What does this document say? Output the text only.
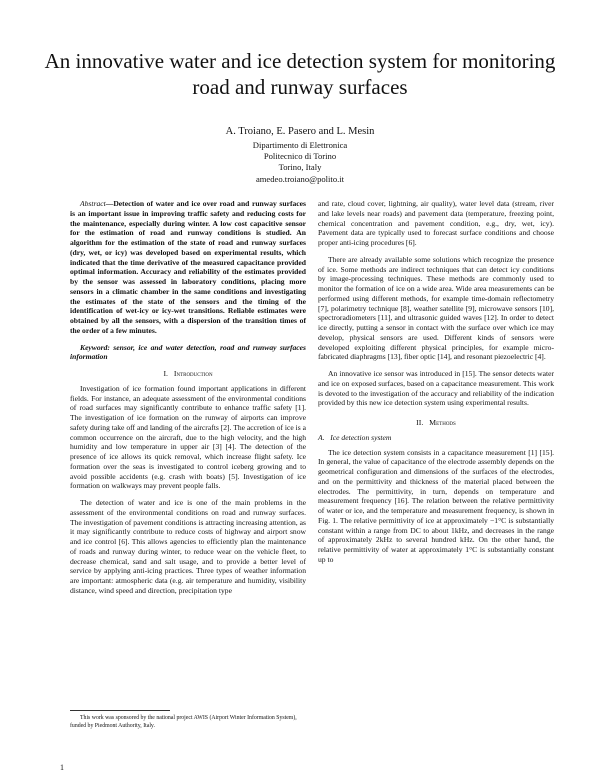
An innovative water and ice detection system for monitoring road and runway surfaces
A. Troiano, E. Pasero and L. Mesin
Dipartimento di Elettronica
Politecnico di Torino
Torino, Italy
amedeo.troiano@polito.it

Abstract—Detection of water and ice over road and runway surfaces is an important issue in improving traffic safety and reducing costs for the maintenance, especially during winter. A low cost capacitive sensor for the estimation of road and runway conditions is studied. An algorithm for the estimation of the state of road and runway surfaces (dry, wet, or icy) was developed based on experimental results, which indicated that the time derivative of the measured capacitance provided optimal information. Accuracy and reliability of the estimates provided by the sensor was assessed in laboratory conditions, placing more sensors in a climatic chamber in the same conditions and investigating the estimates of the state of the sensors and the timing of the identification of wet-icy or icy-wet transitions. Reliable estimates were obtained by all the sensors, with a dispersion of the transition times of the order of a few minutes.

Keyword: sensor, ice and water detection, road and runway surfaces information

I. Introduction

Investigation of ice formation found important applications in different fields. For instance, an adequate assessment of the environmental conditions of road surfaces may significantly contribute to enhance traffic safety [1]. The investigation of ice formation on the runway of airports can improve safety during take off and landing of the aircrafts [2]. The accretion of ice is a common occurrence on the aircraft, due to the high velocity, and the high humidity and low temperature in upper air [3] [4]. The detection of the presence of ice allows its quick removal, which increase flight safety. Ice formation over the seas is investigated to control iceberg growing and to avoid possible accidents (e.g. crash with boats) [5]. Investigation of ice formation on walkways may prevent people falls.

The detection of water and ice is one of the main problems in the assessment of the environmental conditions on road and runway surfaces. The investigation of pavement conditions is attracting increasing attention, as it may significantly contribute to reduce costs of highway and airport snow and ice control [6]. This allows agencies to efficiently plan the maintenance of roads and runway during winter, to reduce wear on the vehicle fleet, to decrease chemical, sand and salt usage, and to provide a better level of service by applying anti-icing practices. Three types of weather information are important: atmospheric data (e.g. air temperature and humidity, visibility distance, wind speed and direction, precipitation type

and rate, cloud cover, lightning, air quality), water level data (stream, river and lake levels near roads) and pavement data (temperature, freezing point, chemical concentration and pavement condition, e.g., dry, wet, icy). Pavement data are typically used to forecast surface conditions and choose proper anti-icing procedures [6].

There are already available some solutions which recognize the presence of ice. Some methods are indirect techniques that can detect icy conditions by image-processing techniques. These methods are commonly used to monitor the formation of ice on a wide area. Wide area measurements can be performed using different methods, for example time-domain reflectometry [7], polarimetry technique [8], weather satellite [9], microwave sensors [10], spectroradiometers [11], and ultrasonic guided waves [12]. In order to detect ice directly, putting a sensor in contact with the surface over which ice may develop, physical sensors are used. Different kinds of sensors were developed exploiting different physical principles, for example micro-fabricated diaphragms [13], fiber optic [14], and resonant piezoelectric [4].

An innovative ice sensor was introduced in [15]. The sensor detects water and ice on exposed surfaces, based on a capacitance measurement. This work is devoted to the investigation of the accuracy and reliability of the indication provided by this new ice detection system using experimental results.

II. Methods
A. Ice detection system

The ice detection system consists in a capacitance measurement [1] [15]. In general, the value of capacitance of the electrode assembly depends on the geometrical configuration and dimensions of the surfaces of the electrodes, and on the permittivity and thickness of the material placed between the electrodes. The permittivity, in turn, depends on temperature and measurement frequency [16]. The relation between the relative permittivity of water or ice, and the temperature and measurement frequency, is shown in Fig. 1. The relative permittivity of ice at approximately −1°C is substantially constant within a range from DC to about 1kHz, and decreases in the range of approximately 2kHz to several hundred kHz. On the other hand, the relative permittivity of water at approximately 1°C is substantially constant up to

This work was sponsored by the national project AWIS (Airport Winter Information System), funded by Piedmont Authority, Italy.
1
